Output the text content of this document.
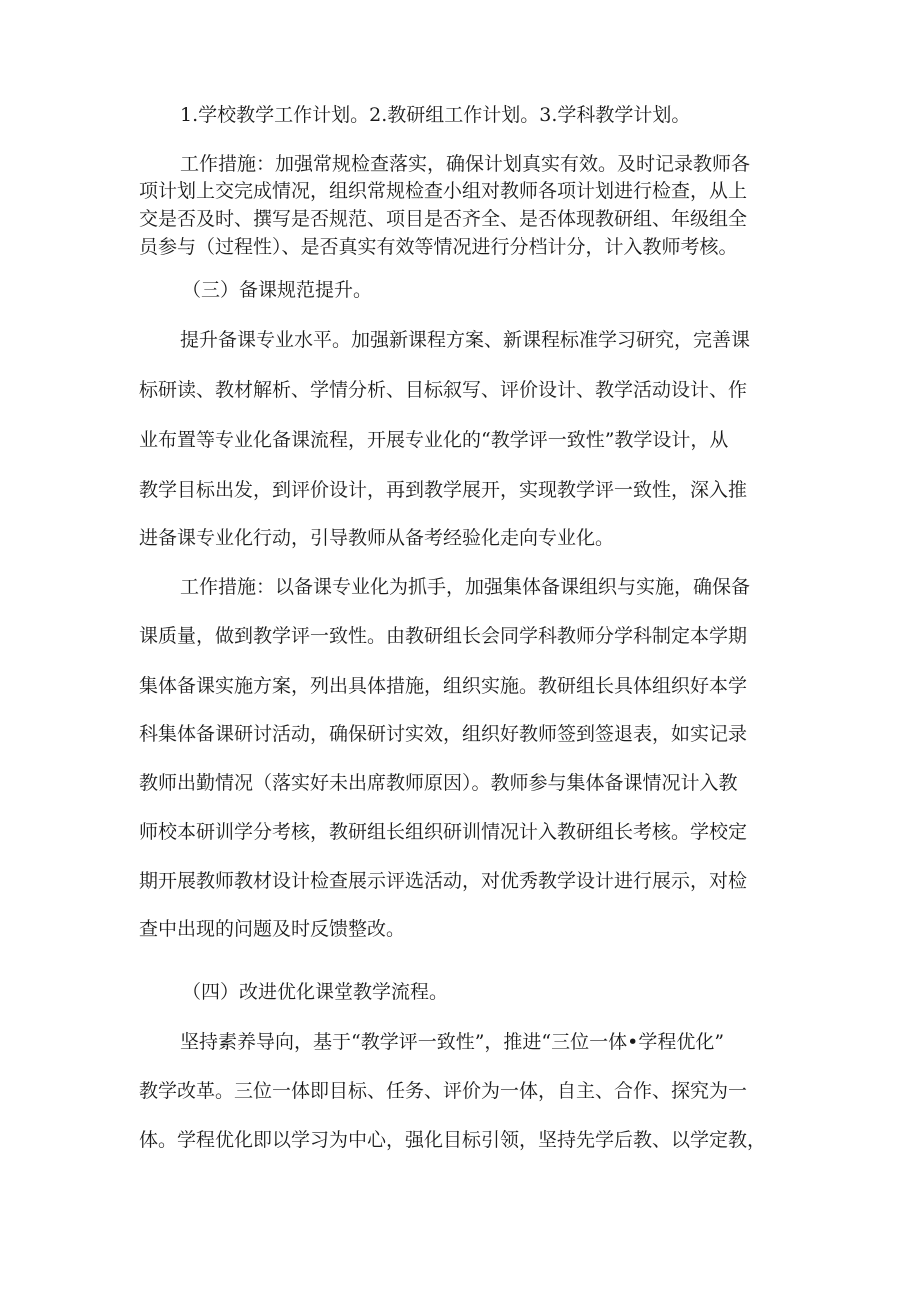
1.学校教学工作计划。2.教研组工作计划。3.学科教学计划。

工作措施：加强常规检查落实，确保计划真实有效。及时记录教师各

项计划上交完成情况，组织常规检查小组对教师各项计划进行检查，从上

交是否及时、撰写是否规范、项目是否齐全、是否体现教研组、年级组全

员参与（过程性）、是否真实有效等情况进行分档计分，计入教师考核。

（三）备课规范提升。

提升备课专业水平。加强新课程方案、新课程标准学习研究，完善课

标研读、教材解析、学情分析、目标叙写、评价设计、教学活动设计、作

业布置等专业化备课流程，开展专业化的“教学评一致性”教学设计，从

教学目标出发，到评价设计，再到教学展开，实现教学评一致性，深入推

进备课专业化行动，引导教师从备考经验化走向专业化。

工作措施：以备课专业化为抓手，加强集体备课组织与实施，确保备

课质量，做到教学评一致性。由教研组长会同学科教师分学科制定本学期

集体备课实施方案，列出具体措施，组织实施。教研组长具体组织好本学

科集体备课研讨活动，确保研讨实效，组织好教师签到签退表，如实记录

教师出勤情况（落实好未出席教师原因）。教师参与集体备课情况计入教

师校本研训学分考核，教研组长组织研训情况计入教研组长考核。学校定

期开展教师教材设计检查展示评选活动，对优秀教学设计进行展示，对检

查中出现的问题及时反馈整改。

（四）改进优化课堂教学流程。

坚持素养导向，基于“教学评一致性”，推进“三位一体•学程优化”

教学改革。三位一体即目标、任务、评价为一体，自主、合作、探究为一

体。学程优化即以学习为中心，强化目标引领，坚持先学后教、以学定教，
